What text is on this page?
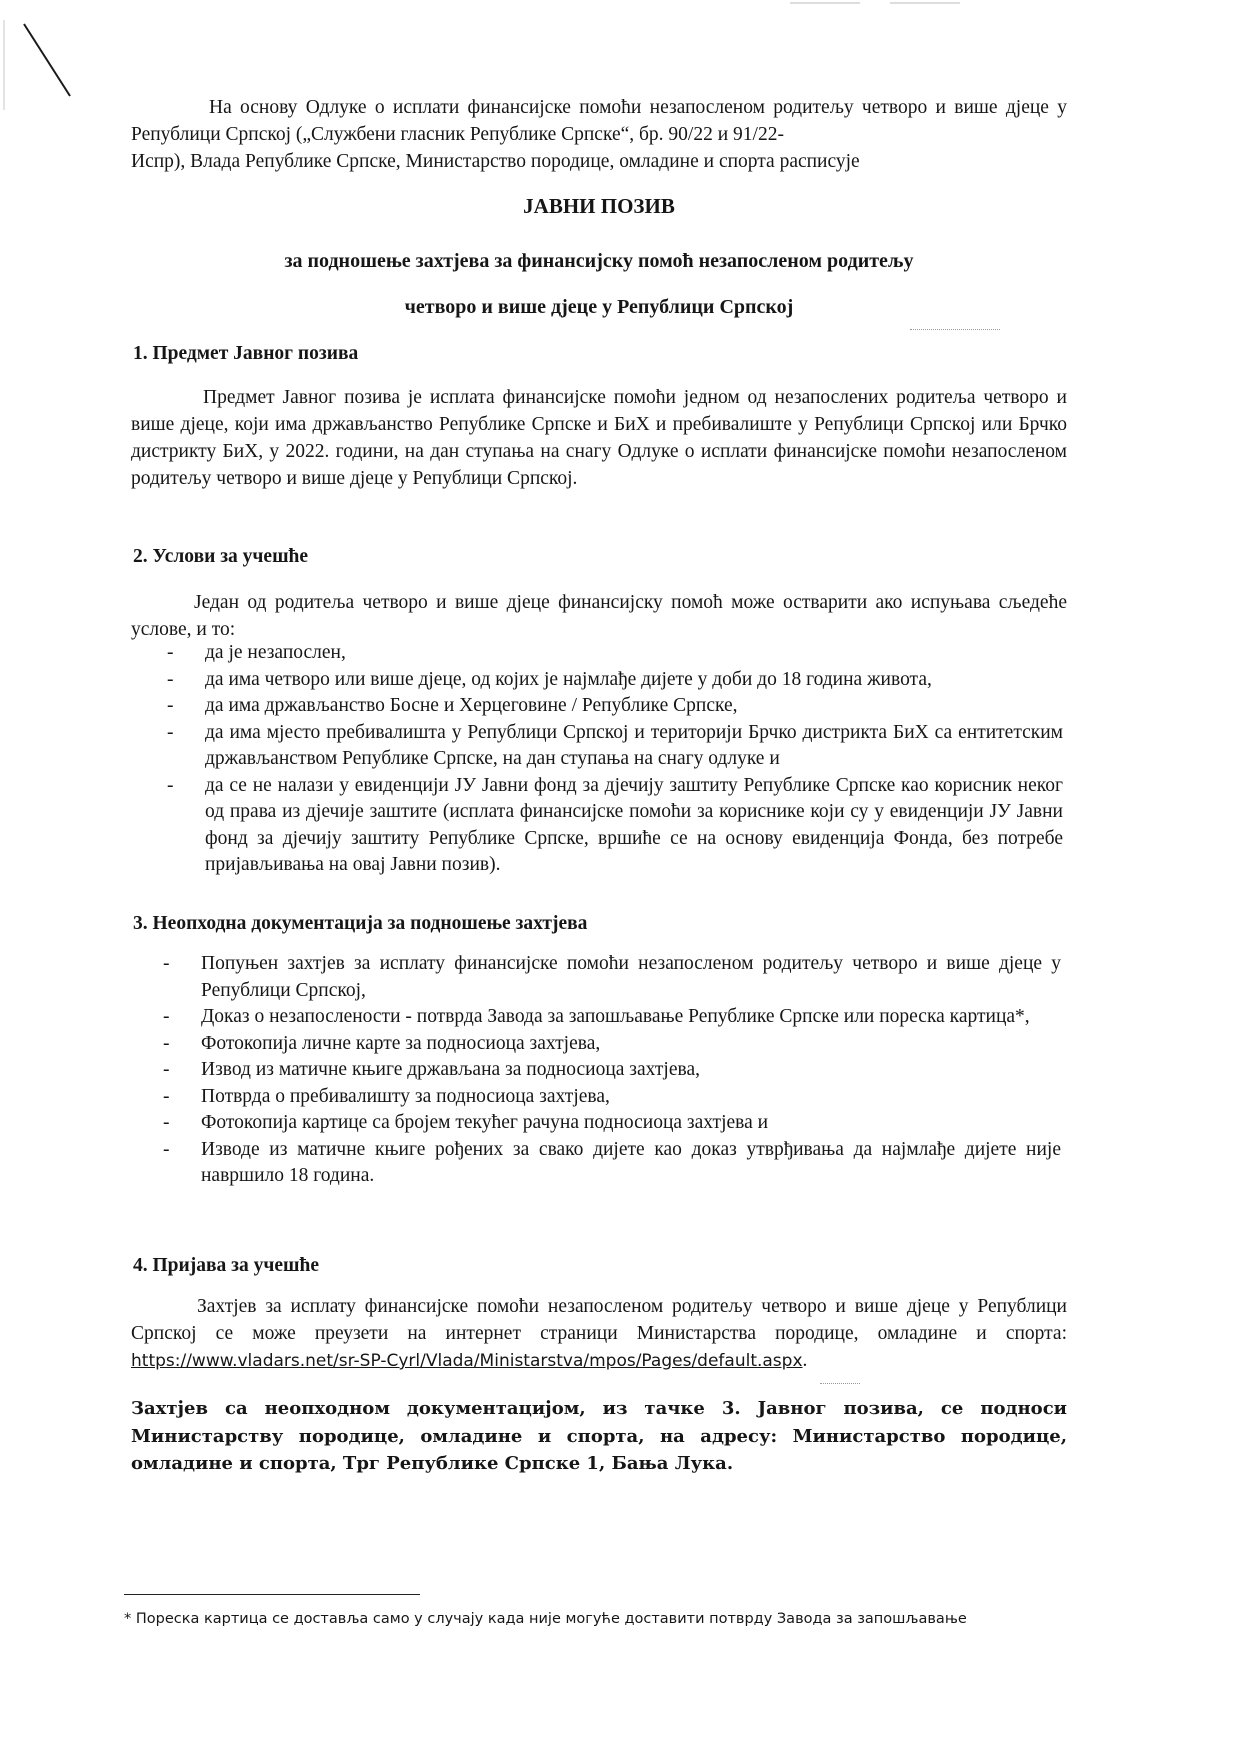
На основу Одлуке о исплати финансијске помоћи незапосленом родитељу четворо и више дјеце у Републици Српској („Службени гласник Републике Српске“, бр. 90/22 и 91/22-
Испр), Влада Републике Српске, Министарство породице, омладине и спорта расписује
ЈАВНИ ПОЗИВ
за подношење захтјева за финансијску помоћ незапосленом родитељу
четворо и више дјеце у Републици Српској
1. Предмет Јавног позива
Предмет Јавног позива је исплата финансијске помоћи једном од незапослених родитеља четворо и више дјеце, који има држављанство Републике Српске и БиХ и пребивалиште у Републици Српској или Брчко дистрикту БиХ, у 2022. години, на дан ступања на снагу Одлуке о исплати финансијске помоћи незапосленом родитељу четворо и више дјеце у Републици Српској.
2. Услови за учешће
Један од родитеља четворо и више дјеце финансијску помоћ може остварити ако испуњава сљедеће услове, и то:
- да је незапослен,
- да има четворо или више дјеце, од којих је најмлађе дијете у доби до 18 година живота,
- да има држављанство Босне и Херцеговине / Републике Српске,
- да има мјесто пребивалишта у Републици Српској и територији Брчко дистрикта БиХ са ентитетским држављанством Републике Српске, на дан ступања на снагу одлуке и
- да се не налази у евиденцији ЈУ Јавни фонд за дјечију заштиту Републике Српске као корисник неког од права из дјечије заштите (исплата финансијске помоћи за кориснике који су у евиденцији ЈУ Јавни фонд за дјечију заштиту Републике Српске, вршиће се на основу евиденција Фонда, без потребе пријављивања на овај Јавни позив).
3. Неопходна документација за подношење захтјева
- Попуњен захтјев за исплату финансијске помоћи незапосленом родитељу четворо и више дјеце у Републици Српској,
- Доказ о незапослености - потврда Завода за запошљавање Републике Српске или пореска картица*,
- Фотокопија личне карте за подносиоца захтјева,
- Извод из матичне књиге држављана за подносиоца захтјева,
- Потврда о пребивалишту за подносиоца захтјева,
- Фотокопија картице са бројем текућег рачуна подносиоца захтјева и
- Изводе из матичне књиге рођених за свако дијете као доказ утврђивања да најмлађе дијете није навршило 18 година.
4. Пријава за учешће
Захтјев за исплату финансијске помоћи незапосленом родитељу четворо и више дјеце у Републици Српској се може преузети на интернет страници Министарства породице, омладине и спорта: https://www.vladars.net/sr-SP-Cyrl/Vlada/Ministarstva/mpos/Pages/default.aspx.
Захтјев са неопходном документацијом, из тачке 3. Јавног позива, се подноси Министарству породице, омладине и спорта, на адресу: Министарство породице, омладине и спорта, Трг Републике Српске 1, Бања Лука.
* Пореска картица се доставља само у случају када није могуће доставити потврду Завода за запошљавање
